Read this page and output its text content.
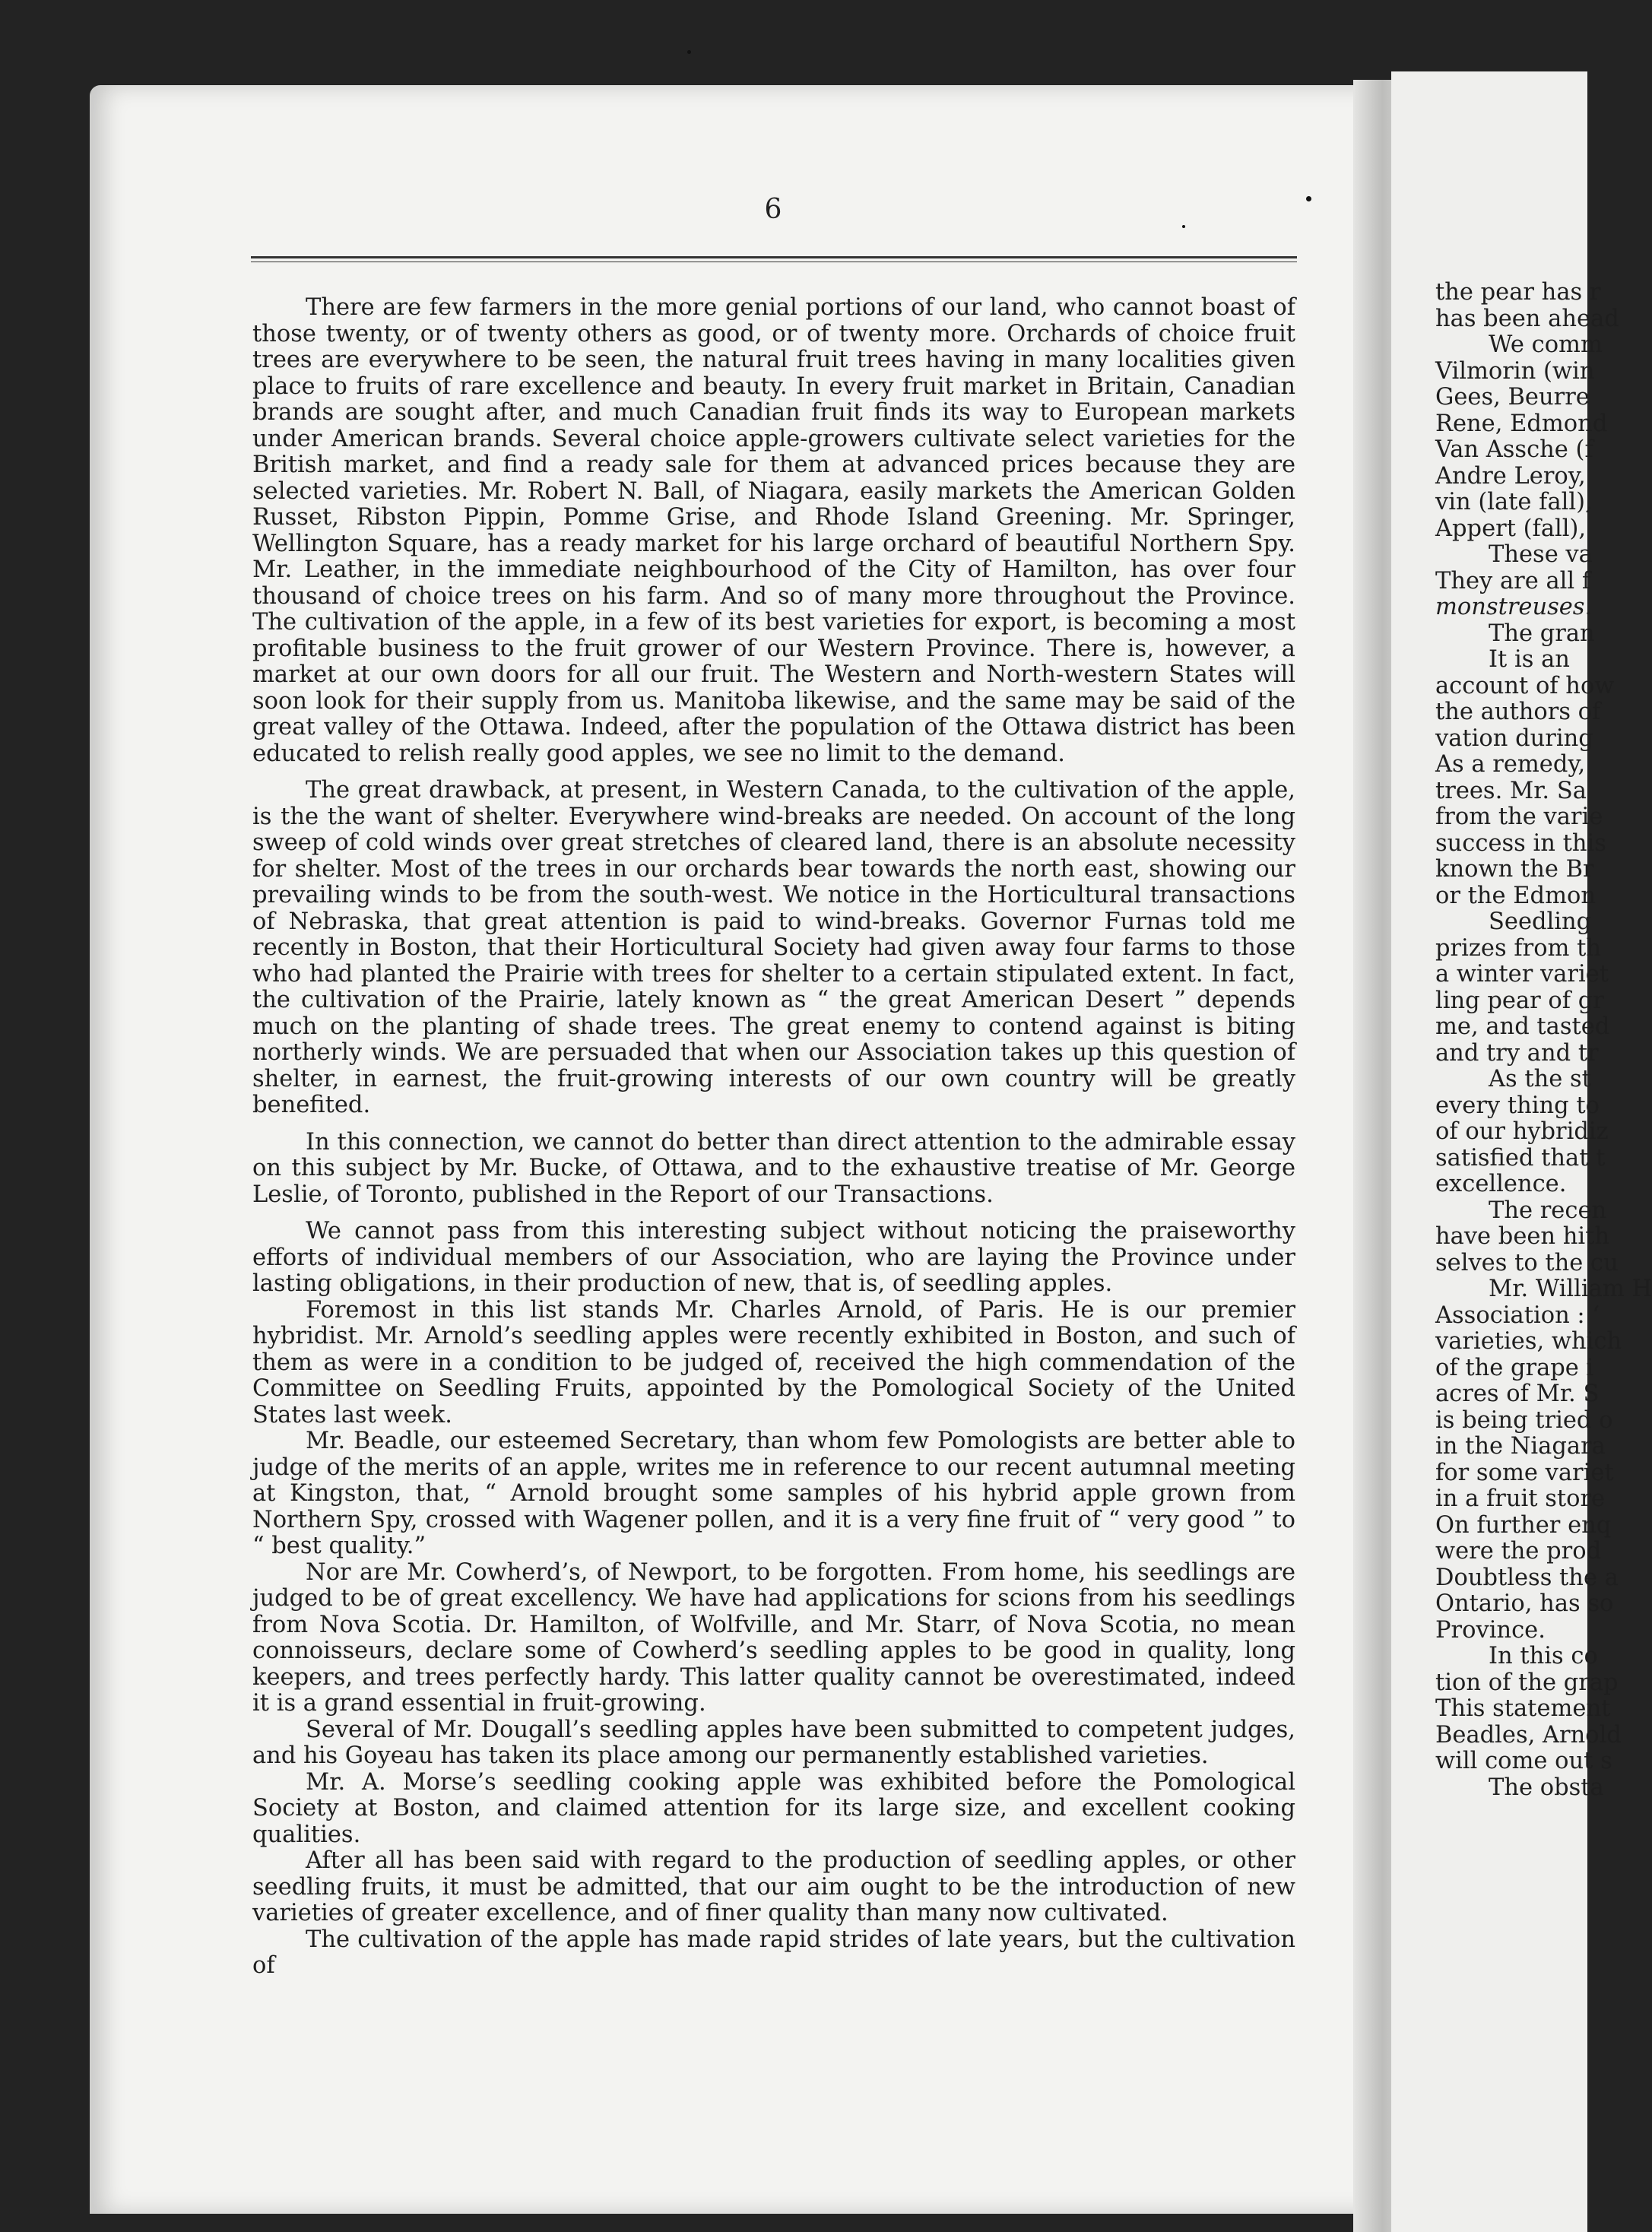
6

There are few farmers in the more genial portions of our land, who cannot boast of those twenty, or of twenty others as good, or of twenty more. Orchards of choice fruit trees are everywhere to be seen, the natural fruit trees having in many localities given place to fruits of rare excellence and beauty. In every fruit market in Britain, Canadian brands are sought after, and much Canadian fruit finds its way to European markets under American brands. Several choice apple-growers cultivate select varieties for the British market, and find a ready sale for them at advanced prices because they are selected varieties. Mr. Robert N. Ball, of Niagara, easily markets the American Golden Russet, Ribston Pippin, Pomme Grise, and Rhode Island Greening. Mr. Springer, Wellington Square, has a ready market for his large orchard of beautiful Northern Spy. Mr. Leather, in the immediate neighbourhood of the City of Hamilton, has over four thousand of choice trees on his farm. And so of many more throughout the Province. The cultivation of the apple, in a few of its best varieties for export, is becoming a most profitable business to the fruit grower of our Western Province. There is, however, a market at our own doors for all our fruit. The Western and North-western States will soon look for their supply from us. Manitoba likewise, and the same may be said of the great valley of the Ottawa. Indeed, after the population of the Ottawa district has been educated to relish really good apples, we see no limit to the demand.

The great drawback, at present, in Western Canada, to the cultivation of the apple, is the the want of shelter. Everywhere wind-breaks are needed. On account of the long sweep of cold winds over great stretches of cleared land, there is an absolute necessity for shelter. Most of the trees in our orchards bear towards the north east, showing our prevailing winds to be from the south-west. We notice in the Horticultural transactions of Nebraska, that great attention is paid to wind-breaks. Governor Furnas told me recently in Boston, that their Horticultural Society had given away four farms to those who had planted the Prairie with trees for shelter to a certain stipulated extent. In fact, the cultivation of the Prairie, lately known as “ the great American Desert ” depends much on the planting of shade trees. The great enemy to contend against is biting northerly winds. We are persuaded that when our Association takes up this question of shelter, in earnest, the fruit-growing interests of our own country will be greatly benefited.

In this connection, we cannot do better than direct attention to the admirable essay on this subject by Mr. Bucke, of Ottawa, and to the exhaustive treatise of Mr. George Leslie, of Toronto, published in the Report of our Transactions.

We cannot pass from this interesting subject without noticing the praiseworthy efforts of individual members of our Association, who are laying the Province under lasting obligations, in their production of new, that is, of seedling apples.

Foremost in this list stands Mr. Charles Arnold, of Paris. He is our premier hybridist. Mr. Arnold’s seedling apples were recently exhibited in Boston, and such of them as were in a condition to be judged of, received the high commendation of the Committee on Seedling Fruits, appointed by the Pomological Society of the United States last week.

Mr. Beadle, our esteemed Secretary, than whom few Pomologists are better able to judge of the merits of an apple, writes me in reference to our recent autumnal meeting at Kingston, that, “ Arnold brought some samples of his hybrid apple grown from Northern Spy, crossed with Wagener pollen, and it is a very fine fruit of “ very good ” to “ best quality.”

Nor are Mr. Cowherd’s, of Newport, to be forgotten. From home, his seedlings are judged to be of great excellency. We have had applications for scions from his seedlings from Nova Scotia. Dr. Hamilton, of Wolfville, and Mr. Starr, of Nova Scotia, no mean connoisseurs, declare some of Cowherd’s seedling apples to be good in quality, long keepers, and trees perfectly hardy. This latter quality cannot be overestimated, indeed it is a grand essential in fruit-growing.

Several of Mr. Dougall’s seedling apples have been submitted to competent judges, and his Goyeau has taken its place among our permanently established varieties.

Mr. A. Morse’s seedling cooking apple was exhibited before the Pomological Society at Boston, and claimed attention for its large size, and excellent cooking qualities.

After all has been said with regard to the production of seedling apples, or other seedling fruits, it must be admitted, that our aim ought to be the introduction of new varieties of greater excellence, and of finer quality than many now cultivated.

The cultivation of the apple has made rapid strides of late years, but the cultivation of

the pear has r
has been ahead
We comm
Vilmorin (win
Gees, Beurre
Rene, Edmond
Van Assche (f
Andre Leroy,
vin (late fall),
Appert (fall),
These va
They are all f
monstreuses.
The gran
It is an
account of how
the authors of
vation during
As a remedy,
trees. Mr. Sa
from the varie
success in this
known the Br
or the Edmon
Seedling
prizes from th
a winter variet
ling pear of gr
me, and tasted
and try and tr
As the st
every thing to
of our hybridiz
satisfied that t
excellence.
The recen
have been hith
selves to the cu
Mr. William H
Association : ‘
varieties, which
of the grape i
acres of Mr. S
is being tried o
in the Niagara
for some variet
in a fruit store
On further enq
were the prod
Doubtless the a
Ontario, has so
Province.
In this co
tion of the grap
This statement
Beadles, Arnold
will come out s
The obsta
